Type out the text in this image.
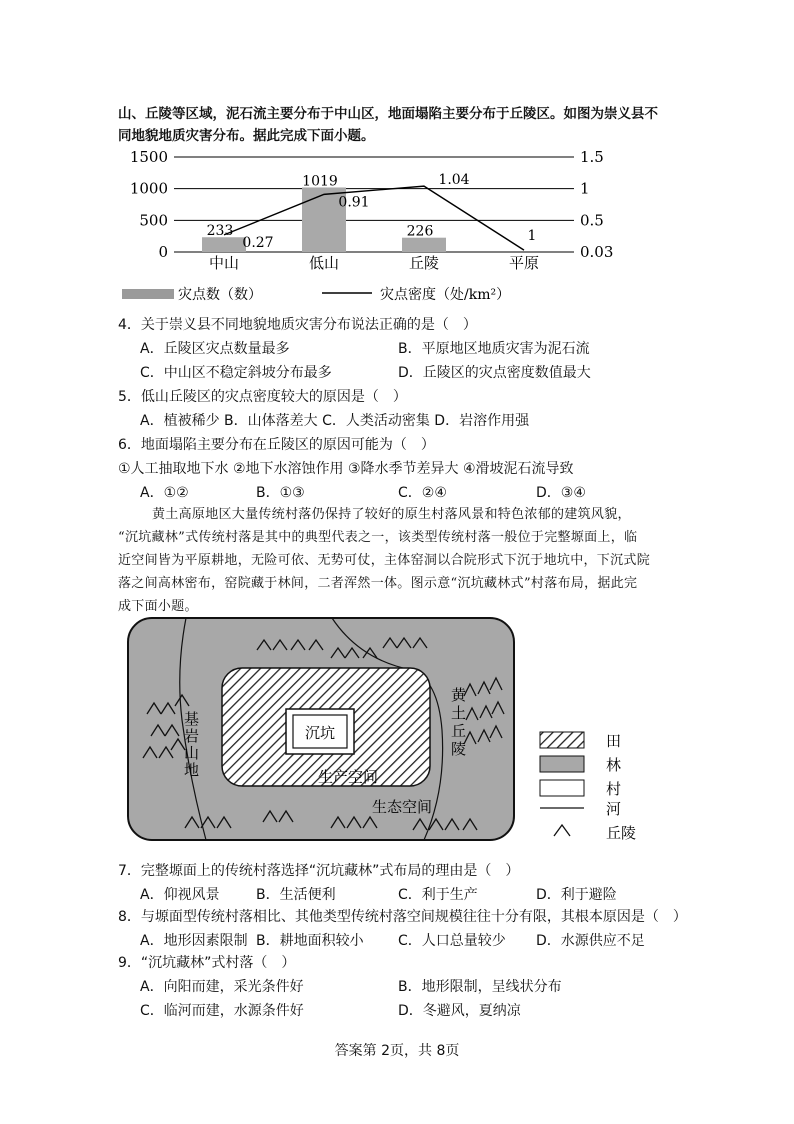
山、丘陵等区域，泥石流主要分布于中山区，地面塌陷主要分布于丘陵区。如图为崇义县不
同地貌地质灾害分布。据此完成下面小题。
1500	1.5
1000	1
500	0.5
0	0.03
中山	低山	丘陵	平原
233
1019
226
0.27
0.91
1.04
1
灾点数（数）	灾点密度（处/km²）
4．关于崇义县不同地貌地质灾害分布说法正确的是（　）
A．丘陵区灾点数量最多	B．平原地区地质灾害为泥石流
C．中山区不稳定斜坡分布最多	D．丘陵区的灾点密度数值最大
5．低山丘陵区的灾点密度较大的原因是（　）
A．植被稀少 B．山体落差大 C．人类活动密集 D．岩溶作用强
6．地面塌陷主要分布在丘陵区的原因可能为（　）
①人工抽取地下水 ②地下水溶蚀作用 ③降水季节差异大 ④滑坡泥石流导致
A．①②	B．①③	C．②④	D．③④
黄土高原地区大量传统村落仍保持了较好的原生村落风景和特色浓郁的建筑风貌，
“沉坑藏林”式传统村落是其中的典型代表之一，该类型传统村落一般位于完整塬面上，临
近空间皆为平原耕地，无险可依、无势可仗，主体窑洞以合院形式下沉于地坑中，下沉式院
落之间高林密布，窑院藏于林间，二者浑然一体。图示意“沉坑藏林式”村落布局，据此完
成下面小题。
沉坑
生产空间
生态空间
基
岩
山
地
黄
土
丘
陵	田
林
村
河
丘陵
7．完整塬面上的传统村落选择“沉坑藏林”式布局的理由是（　）
A．仰视风景	B．生活便利	C．利于生产	D．利于避险
8．与塬面型传统村落相比、其他类型传统村落空间规模往往十分有限，其根本原因是（　）
A．地形因素限制 B．耕地面积较小 C．人口总量较少 D．水源供应不足
9．“沉坑藏林”式村落（　）
A．向阳而建，采光条件好	B．地形限制，呈线状分布
C．临河而建，水源条件好	D．冬避风，夏纳凉
答案第 2页，共 8页
